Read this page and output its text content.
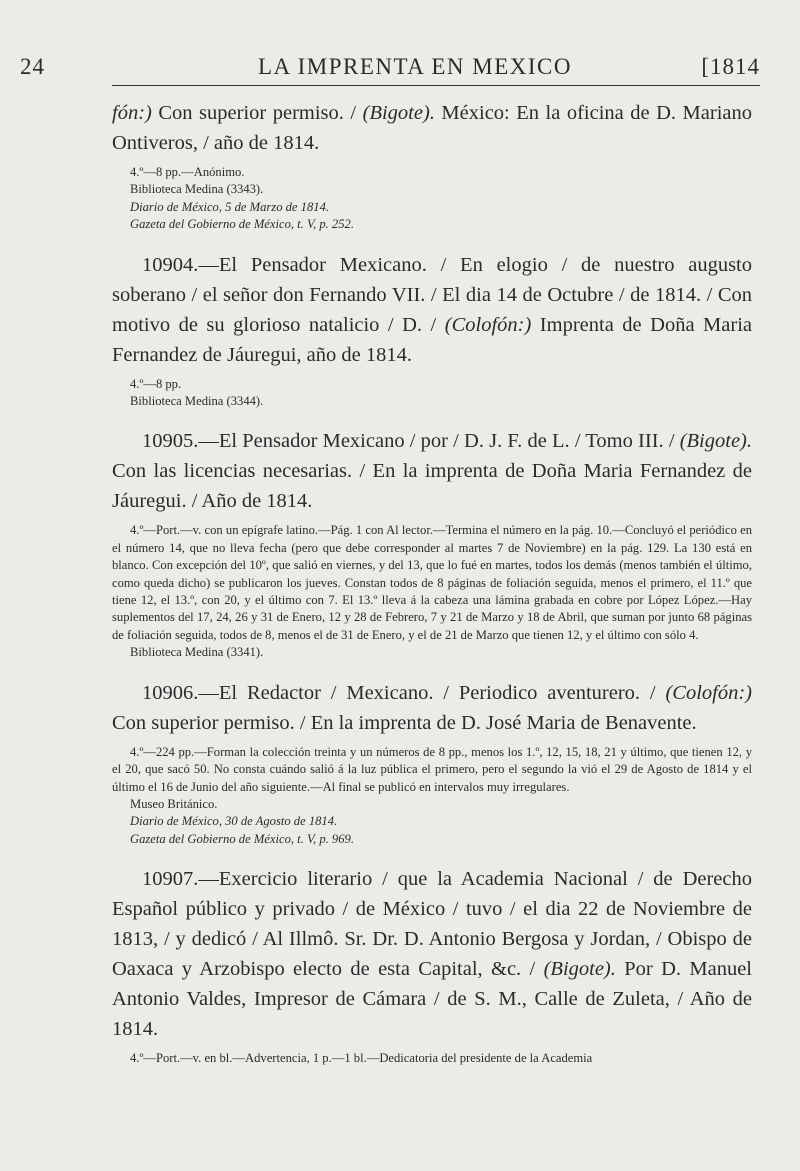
24	LA IMPRENTA EN MEXICO	[1814

fón:) Con superior permiso. / (Bigote). México: En la oficina de D. Mariano Ontiveros, / año de 1814.

4.º—8 pp.—Anónimo.

Biblioteca Medina (3343).

Diario de México, 5 de Marzo de 1814.

Gazeta del Gobierno de México, t. V, p. 252.

10904.—El Pensador Mexicano. / En elogio / de nuestro augusto soberano / el señor don Fernando VII. / El dia 14 de Octubre / de 1814. / Con motivo de su glorioso natalicio / D. / (Colofón:) Imprenta de Doña Maria Fernandez de Jáuregui, año de 1814.

4.º—8 pp.

Biblioteca Medina (3344).

10905.—El Pensador Mexicano / por / D. J. F. de L. / Tomo III. / (Bigote). Con las licencias necesarias. / En la imprenta de Doña Maria Fernandez de Jáuregui. / Año de 1814.

4.º—Port.—v. con un epígrafe latino.—Pág. 1 con Al lector.—Termina el número en la pág. 10.—Concluyó el periódico en el número 14, que no lleva fecha (pero que debe corresponder al martes 7 de Noviembre) en la pág. 129. La 130 está en blanco. Con excepción del 10º, que salió en viernes, y del 13, que lo fué en martes, todos los demás (menos también el último, como queda dicho) se publicaron los jueves. Constan todos de 8 páginas de foliación seguida, menos el primero, el 11.º que tiene 12, el 13.º, con 20, y el último con 7. El 13.º lleva á la cabeza una lámina grabada en cobre por López López.—Hay suplementos del 17, 24, 26 y 31 de Enero, 12 y 28 de Febrero, 7 y 21 de Marzo y 18 de Abril, que suman por junto 68 páginas de foliación seguida, todos de 8, menos el de 31 de Enero, y el de 21 de Marzo que tienen 12, y el último con sólo 4.

Biblioteca Medina (3341).

10906.—El Redactor / Mexicano. / Periodico aventurero. / (Colofón:) Con superior permiso. / En la imprenta de D. José Maria de Benavente.

4.º—224 pp.—Forman la colección treinta y un números de 8 pp., menos los 1.º, 12, 15, 18, 21 y último, que tienen 12, y el 20, que sacó 50. No consta cuándo salió á la luz pública el primero, pero el segundo la vió el 29 de Agosto de 1814 y el último el 16 de Junio del año siguiente.—Al final se publicó en intervalos muy irregulares.

Museo Británico.

Diario de México, 30 de Agosto de 1814.

Gazeta del Gobierno de México, t. V, p. 969.

10907.—Exercicio literario / que la Academia Nacional / de Derecho Español público y privado / de México / tuvo / el dia 22 de Noviembre de 1813, / y dedicó / Al Illmô. Sr. Dr. D. Antonio Bergosa y Jordan, / Obispo de Oaxaca y Arzobispo electo de esta Capital, &c. / (Bigote). Por D. Manuel Antonio Valdes, Impresor de Cámara / de S. M., Calle de Zuleta, / Año de 1814.

4.º—Port.—v. en bl.—Advertencia, 1 p.—1 bl.—Dedicatoria del presidente de la Academia
